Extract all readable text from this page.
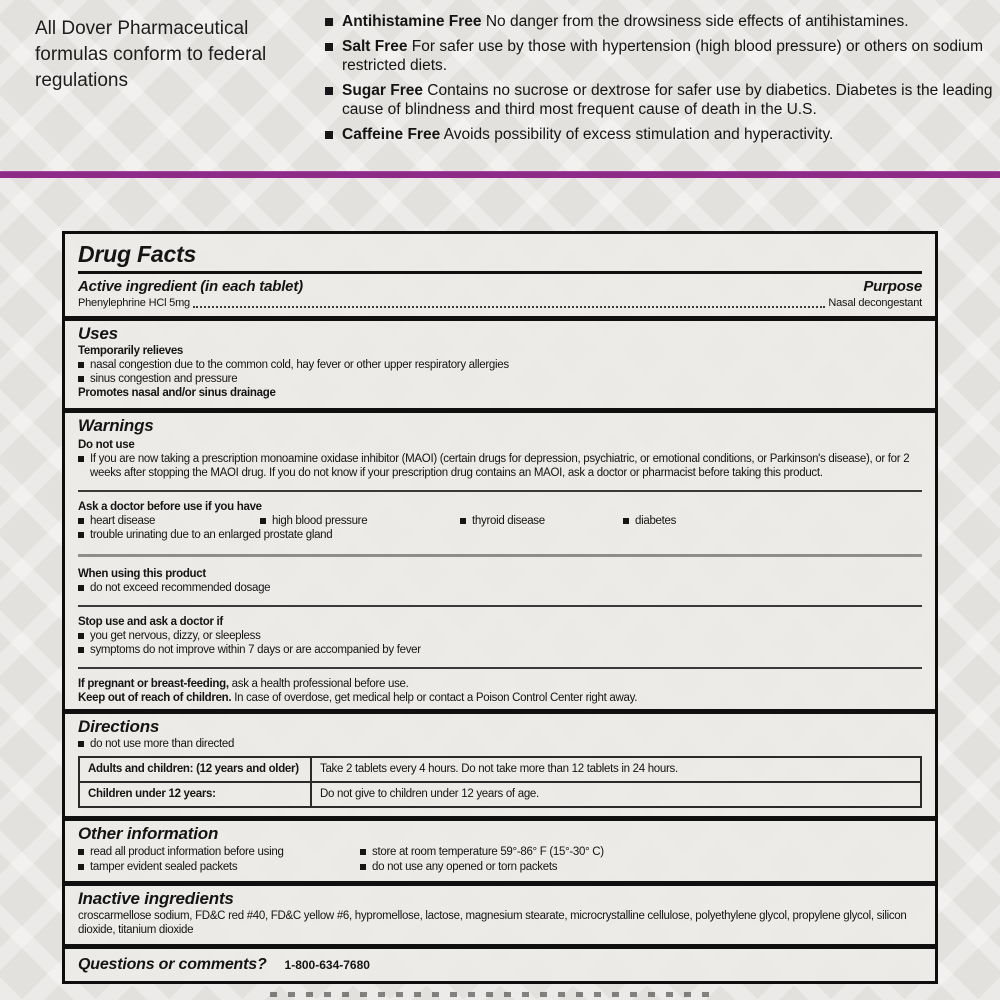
All Dover Pharmaceutical formulas conform to federal regulations
Antihistamine Free No danger from the drowsiness side effects of antihistamines.
Salt Free For safer use by those with hypertension (high blood pressure) or others on sodium restricted diets.
Sugar Free Contains no sucrose or dextrose for safer use by diabetics. Diabetes is the leading cause of blindness and third most frequent cause of death in the U.S.
Caffeine Free Avoids possibility of excess stimulation and hyperactivity.
Drug Facts
Active ingredient (in each tablet)	Purpose
Phenylephrine HCl 5mg	Nasal decongestant
Uses
Temporarily relieves
nasal congestion due to the common cold, hay fever or other upper respiratory allergies
sinus congestion and pressure
Promotes nasal and/or sinus drainage
Warnings
Do not use
If you are now taking a prescription monoamine oxidase inhibitor (MAOI) (certain drugs for depression, psychiatric, or emotional conditions, or Parkinson's disease), or for 2 weeks after stopping the MAOI drug. If you do not know if your prescription drug contains an MAOI, ask a doctor or pharmacist before taking this product.
Ask a doctor before use if you have
heart disease	high blood pressure	thyroid disease	diabetes
trouble urinating due to an enlarged prostate gland
When using this product
do not exceed recommended dosage
Stop use and ask a doctor if
you get nervous, dizzy, or sleepless
symptoms do not improve within 7 days or are accompanied by fever
If pregnant or breast-feeding, ask a health professional before use.
Keep out of reach of children. In case of overdose, get medical help or contact a Poison Control Center right away.
Directions
do not use more than directed
Adults and children: (12 years and older)	Take 2 tablets every 4 hours. Do not take more than 12 tablets in 24 hours.
Children under 12 years:	Do not give to children under 12 years of age.
Other information
read all product information before using	store at room temperature 59°-86° F (15°-30° C)
tamper evident sealed packets	do not use any opened or torn packets
Inactive ingredients
croscarmellose sodium, FD&C red #40, FD&C yellow #6, hypromellose, lactose, magnesium stearate, microcrystalline cellulose, polyethylene glycol, propylene glycol, silicon dioxide, titanium dioxide
Questions or comments? 1-800-634-7680
